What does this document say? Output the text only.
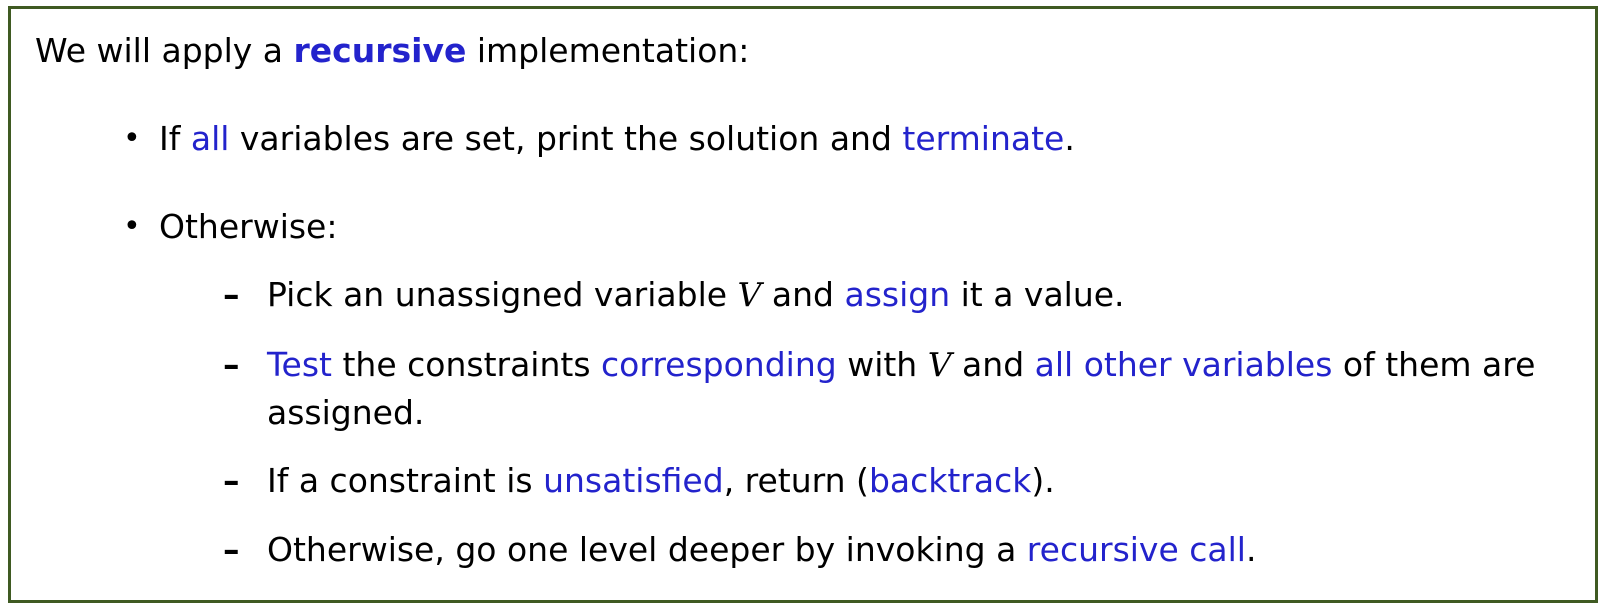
We will apply a recursive implementation:
• If all variables are set, print the solution and terminate.
• Otherwise:
– Pick an unassigned variable V and assign it a value.
– Test the constraints corresponding with V and all other variables of them are
assigned.
– If a constraint is unsatisfied, return (backtrack).
– Otherwise, go one level deeper by invoking a recursive call.
